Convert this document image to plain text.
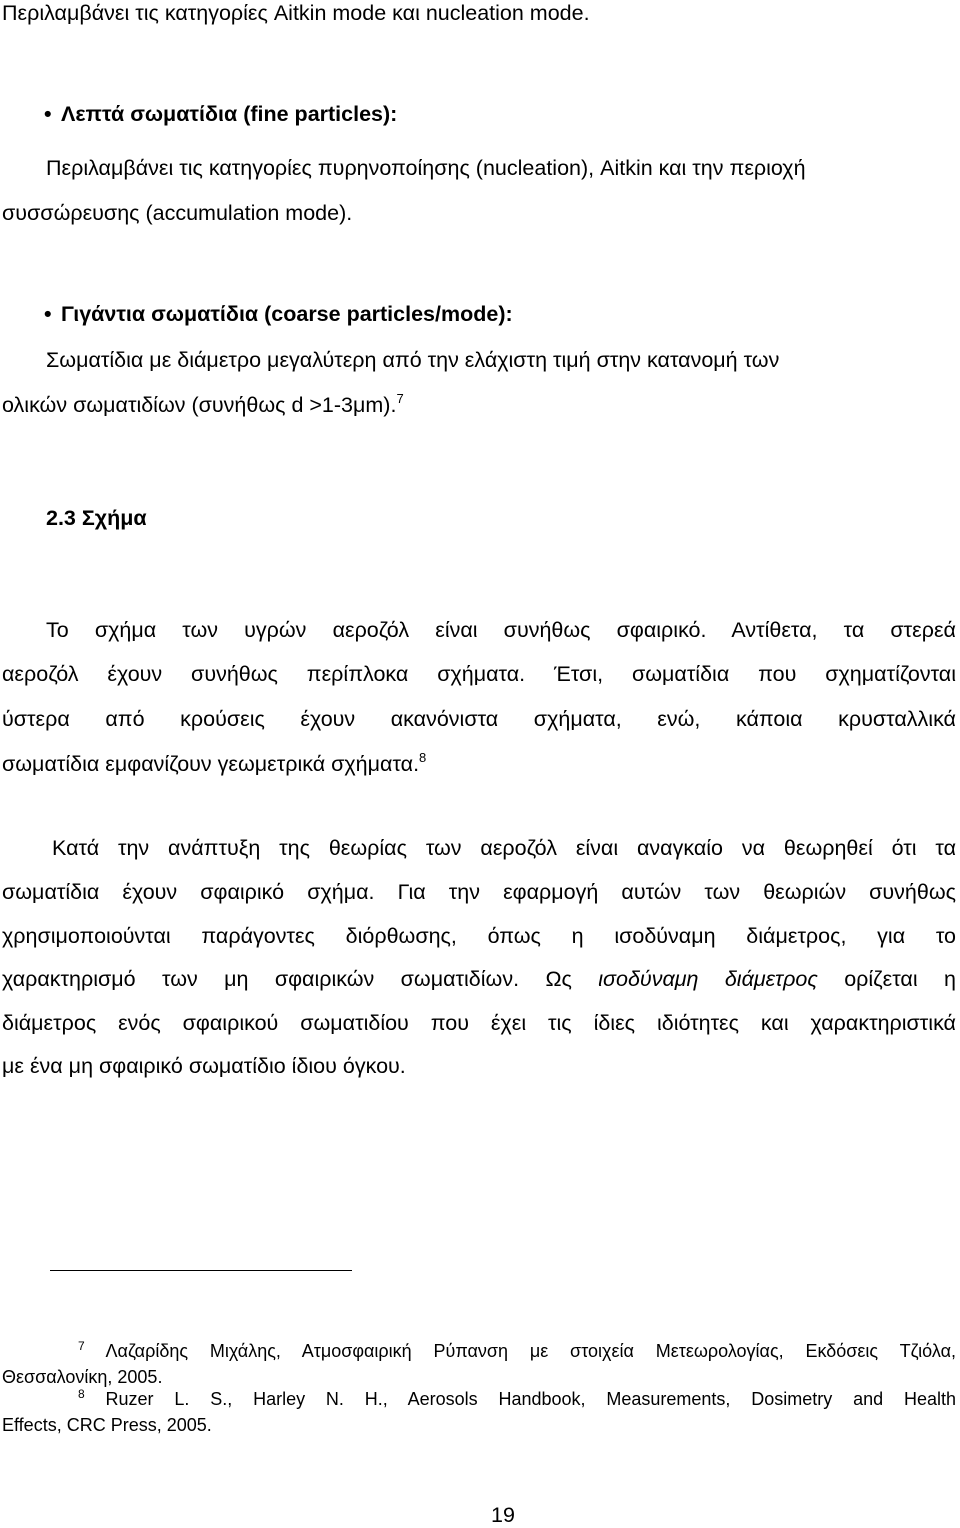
Περιλαμβάνει τις κατηγορίες Aitkin mode και nucleation mode.
• Λεπτά σωματίδια (fine particles):
Περιλαμβάνει τις κατηγορίες πυρηνοποίησης (nucleation), Aitkin και την περιοχή
συσσώρευσης (accumulation mode).
• Γιγάντια σωματίδια (coarse particles/mode):
Σωματίδια με διάμετρο μεγαλύτερη από την ελάχιστη τιμή στην κατανομή των
ολικών σωματιδίων (συνήθως d >1-3μm).$^7$
2.3 Σχήμα
Το σχήμα των υγρών αεροζόλ είναι συνήθως σφαιρικό. Αντίθετα, τα στερεά
αεροζόλ έχουν συνήθως περίπλοκα σχήματα. Έτσι, σωματίδια που σχηματίζονται
ύστερα από κρούσεις έχουν ακανόνιστα σχήματα, ενώ, κάποια κρυσταλλικά
σωματίδια εμφανίζουν γεωμετρικά σχήματα.$^8$
Κατά την ανάπτυξη της θεωρίας των αεροζόλ είναι αναγκαίο να θεωρηθεί ότι τα
σωματίδια έχουν σφαιρικό σχήμα. Για την εφαρμογή αυτών των θεωριών συνήθως
χρησιμοποιούνται παράγοντες διόρθωσης, όπως η ισοδύναμη διάμετρος, για το
χαρακτηρισμό των μη σφαιρικών σωματιδίων. Ως ισοδύναμη διάμετρος ορίζεται η
διάμετρος ενός σφαιρικού σωματιδίου που έχει τις ίδιες ιδιότητες και χαρακτηριστικά
με ένα μη σφαιρικό σωματίδιο ίδιου όγκου.
$^7$ Λαζαρίδης Μιχάλης, Ατμοσφαιρική Ρύπανση με στοιχεία Μετεωρολογίας, Εκδόσεις Τζιόλα,
Θεσσαλονίκη, 2005.
$^8$ Ruzer L. S., Harley N. H., Aerosols Handbook, Measurements, Dosimetry and Health
Effects, CRC Press, 2005.
19
